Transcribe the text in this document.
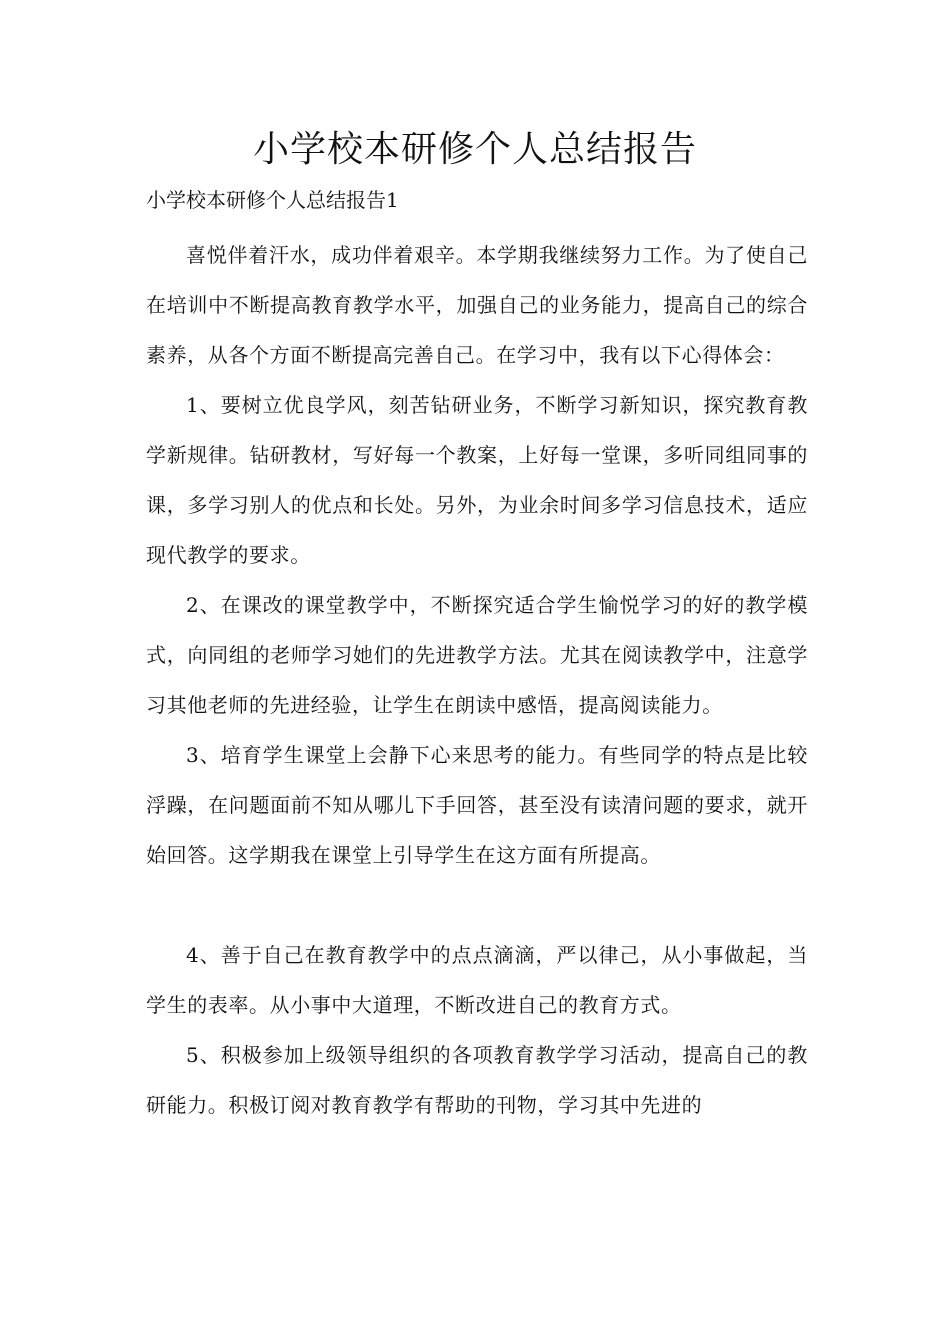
小学校本研修个人总结报告

小学校本研修个人总结报告1

喜悦伴着汗水，成功伴着艰辛。本学期我继续努力工作。为了使自己在培训中不断提高教育教学水平，加强自己的业务能力，提高自己的综合素养，从各个方面不断提高完善自己。在学习中，我有以下心得体会：

1、要树立优良学风，刻苦钻研业务，不断学习新知识，探究教育教学新规律。钻研教材，写好每一个教案，上好每一堂课，多听同组同事的课，多学习别人的优点和长处。另外，为业余时间多学习信息技术，适应现代教学的要求。

2、在课改的课堂教学中，不断探究适合学生愉悦学习的好的教学模式，向同组的老师学习她们的先进教学方法。尤其在阅读教学中，注意学习其他老师的先进经验，让学生在朗读中感悟，提高阅读能力。

3、培育学生课堂上会静下心来思考的能力。有些同学的特点是比较浮躁，在问题面前不知从哪儿下手回答，甚至没有读清问题的要求，就开始回答。这学期我在课堂上引导学生在这方面有所提高。

4、善于自己在教育教学中的点点滴滴，严以律己，从小事做起，当学生的表率。从小事中大道理，不断改进自己的教育方式。

5、积极参加上级领导组织的各项教育教学学习活动，提高自己的教研能力。积极订阅对教育教学有帮助的刊物，学习其中先进的
